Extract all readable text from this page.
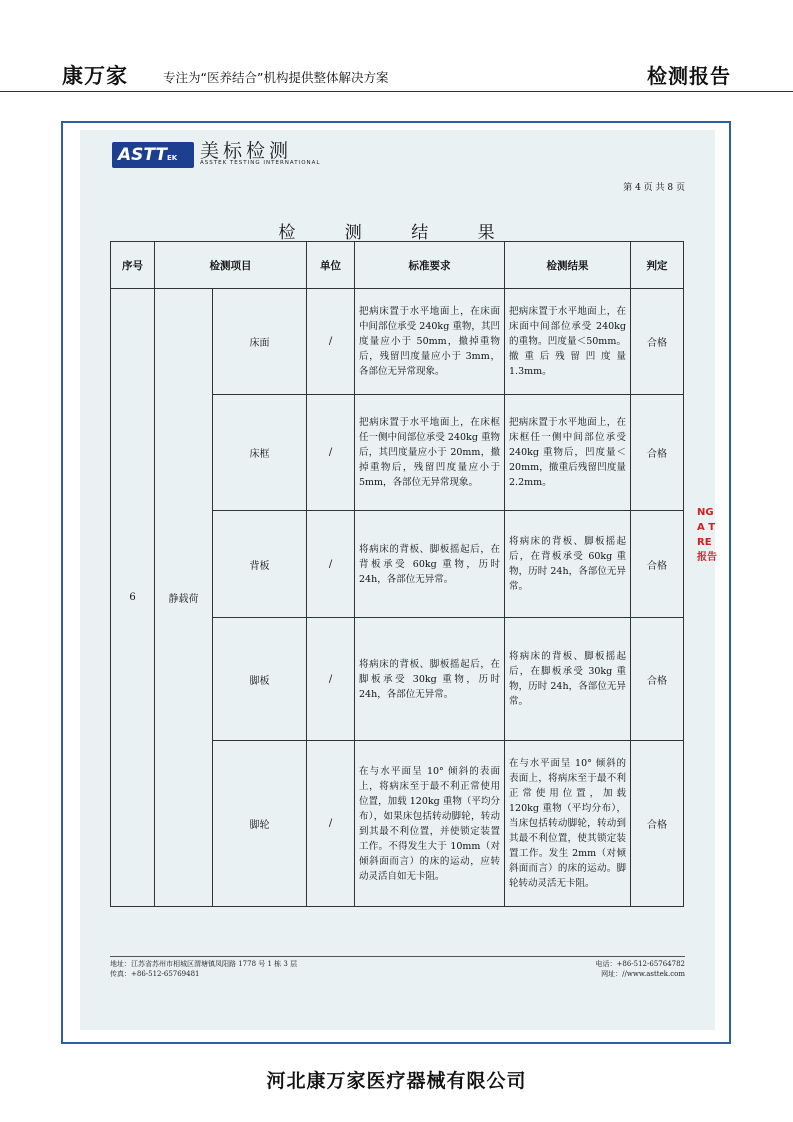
康万家	专注为“医养结合”机构提供整体解决方案	检测报告
ASTTEK	美标检测
ASSTEK TESTING INTERNATIONAL
第 4 页 共 8 页
检 测 结 果
序号	检测项目		单位	标准要求	检测结果	判定
6	静载荷	床面	/	把病床置于水平地面上，在床面中间部位承受 240kg 重物，其凹度量应小于 50mm，撤掉重物后，残留凹度量应小于 3mm，各部位无异常现象。	把病床置于水平地面上，在床面中间部位承受 240kg 的重物。凹度量＜50mm。撤重后残留凹度量 1.3mm。	合格
		床框	/	把病床置于水平地面上，在床框任一侧中间部位承受 240kg 重物后，其凹度量应小于 20mm，撤掉重物后，残留凹度量应小于 5mm，各部位无异常现象。	把病床置于水平地面上，在床框任一侧中间部位承受 240kg 重物后，凹度量＜20mm，撤重后残留凹度量 2.2mm。	合格
		背板	/	将病床的背板、脚板摇起后，在背板承受 60kg 重物，历时 24h，各部位无异常。	将病床的背板、脚板摇起后，在背板承受 60kg 重物，历时 24h，各部位无异常。	合格
		脚板	/	将病床的背板、脚板摇起后，在脚板承受 30kg 重物，历时 24h，各部位无异常。	将病床的背板、脚板摇起后，在脚板承受 30kg 重物，历时 24h，各部位无异常。	合格
		脚轮	/	在与水平面呈 10° 倾斜的表面上，将病床至于最不利正常使用位置，加载 120kg 重物（平均分布），如果床包括转动脚轮，转动到其最不利位置，并使锁定装置工作。不得发生大于 10mm（对倾斜面而言）的床的运动，应转动灵活自如无卡阻。	在与水平面呈 10° 倾斜的表面上，将病床至于最不利正常使用位置，加载 120kg 重物（平均分布），当床包括转动脚轮，转动到其最不利位置，使其锁定装置工作。发生 2mm（对倾斜面而言）的床的运动。脚轮转动灵活无卡阻。	合格
地址：江苏省苏州市相城区渭塘镇凤阳路 1778 号 1 栋 3 层
传真：+86-512-65769481
电话：+86-512-65764782
网址：//www.asttek.com
NG A T RE 报告
河北康万家医疗器械有限公司
